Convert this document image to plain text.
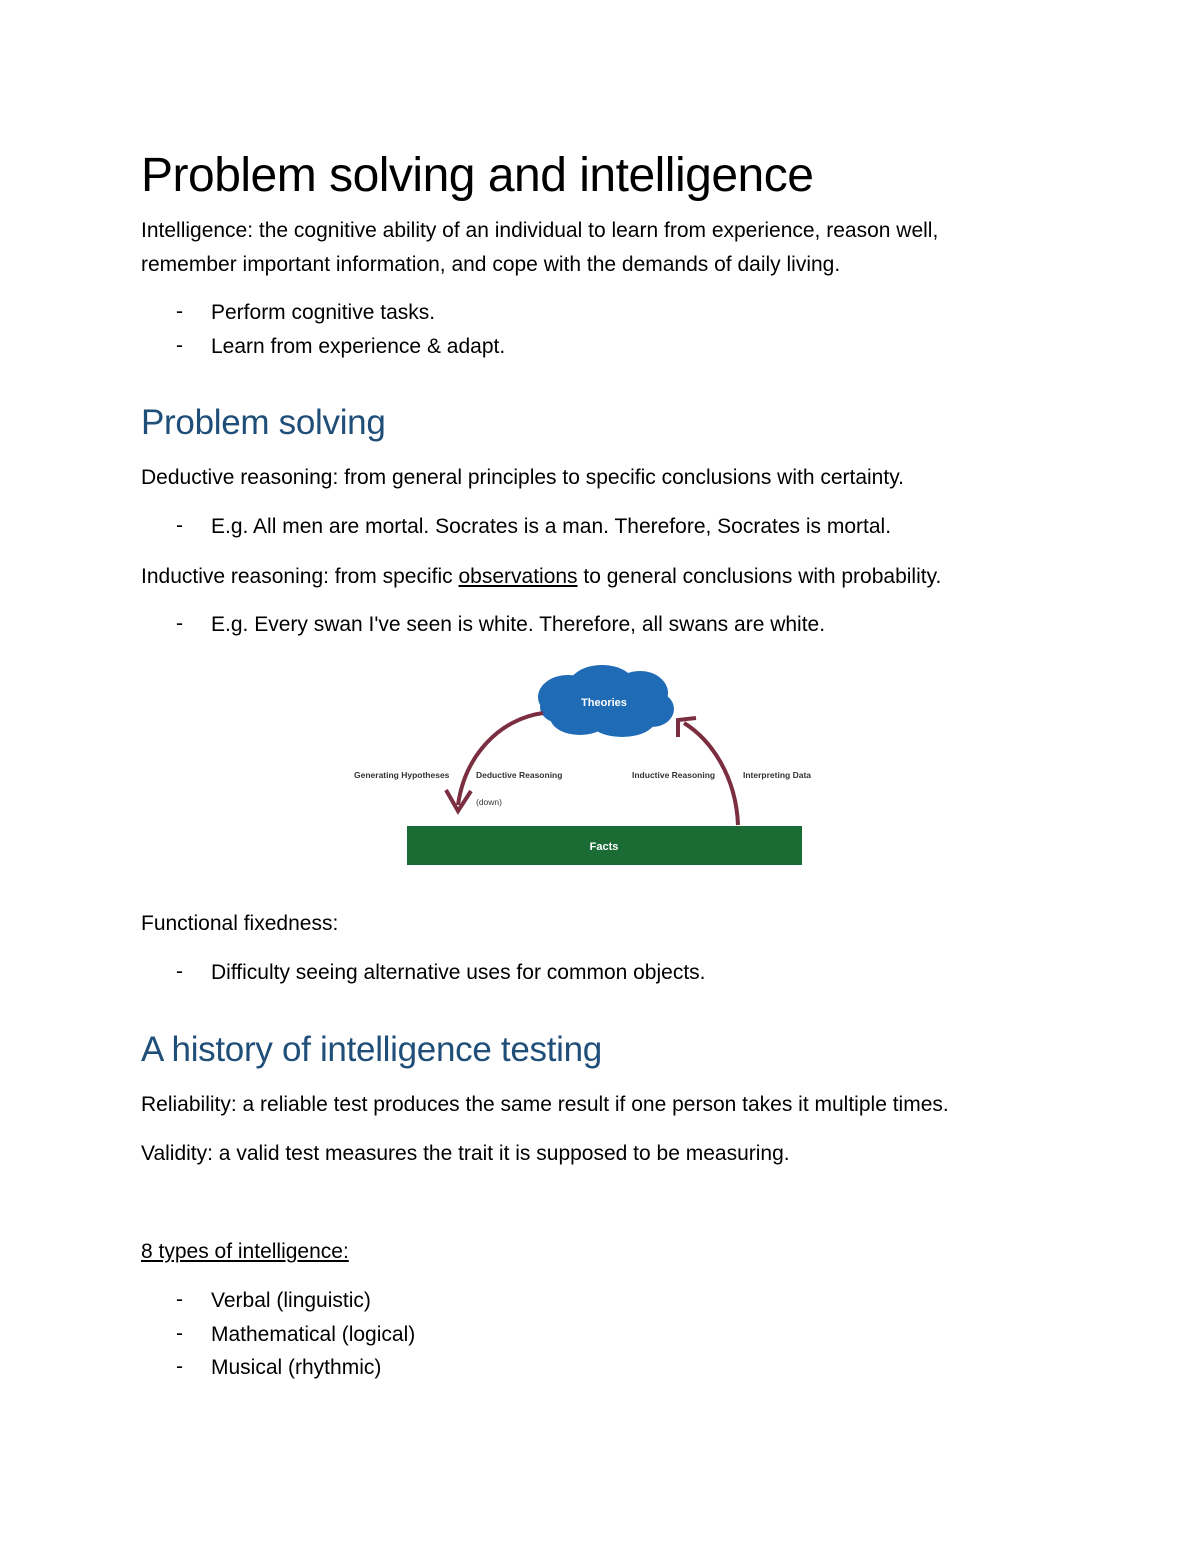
Problem solving and intelligence

Intelligence: the cognitive ability of an individual to learn from experience, reason well,

remember important information, and cope with the demands of daily living.

- Perform cognitive tasks.

- Learn from experience & adapt.

Problem solving

Deductive reasoning: from general principles to specific conclusions with certainty.

- E.g. All men are mortal. Socrates is a man. Therefore, Socrates is mortal.

Inductive reasoning: from specific observations to general conclusions with probability.

- E.g. Every swan I've seen is white. Therefore, all swans are white.

Theories
Generating Hypotheses	Deductive Reasoning
(down)
Inductive Reasoning	Interpreting Data
Facts

Functional fixedness:

- Difficulty seeing alternative uses for common objects.

A history of intelligence testing

Reliability: a reliable test produces the same result if one person takes it multiple times.

Validity: a valid test measures the trait it is supposed to be measuring.

8 types of intelligence:

- Verbal (linguistic)

- Mathematical (logical)

- Musical (rhythmic)
